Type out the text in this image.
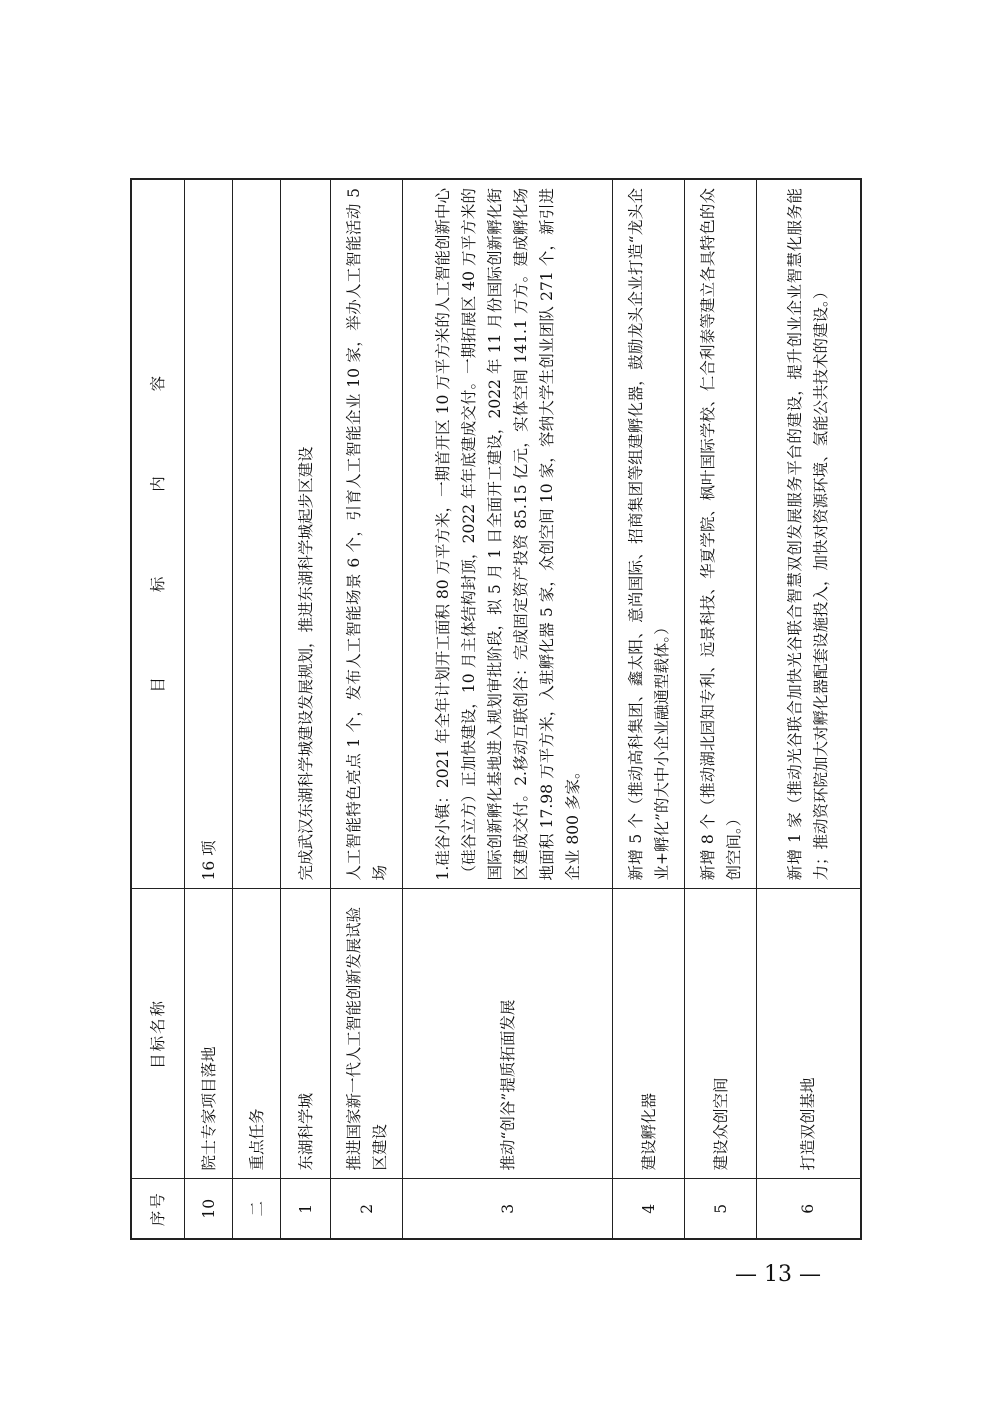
序号	目标名称	目 标 内 容
10	院士专家项目落地	16 项
二	重点任务	
1	东湖科学城	完成武汉东湖科学城建设发展规划，推进东湖科学城起步区建设
2	推进国家新一代人工智能创新发展试验区建设	人工智能特色亮点 1 个，发布人工智能场景 6 个，引育人工智能企业 10 家，举办人工智能活动 5 场
3	推动“创谷”提质拓面发展	1.硅谷小镇：2021 年全年计划开工面积 80 万平方米，一期首开区 10 万平方米的人工智能创新中心（硅谷立方）正加快建设，10 月主体结构封顶，2022 年年底建成交付。一期拓展区 40 万平方米的国际创新孵化基地进入规划审批阶段，拟 5 月 1 日全面开工建设，2022 年 11 月份国际创新孵化街区建成交付。2.移动互联创谷：完成固定资产投资 85.15 亿元，实体空间 141.1 万方。建成孵化场地面积 17.98 万平方米，入驻孵化器 5 家，众创空间 10 家，容纳大学生创业团队 271 个，新引进企业 800 多家。
4	建设孵化器	新增 5 个（推动高科集团、鑫太阳、意尚国际、招商集团等组建孵化器，鼓励龙头企业打造“龙头企业+孵化”的大中小企业融通型载体。）
5	建设众创空间	新增 8 个（推动湖北园知专利、远景科技、华夏学院、枫叶国际学校、仁合利泰等建立各具特色的众创空间。）
6	打造双创基地	新增 1 家（推动光谷联合加快光谷联合智慧双创发展服务平台的建设，提升创业企业智慧化服务能力；推动资环院加大对孵化器配套设施投入，加快对资源环境、氢能公共技术的建设。）
— 13 —
